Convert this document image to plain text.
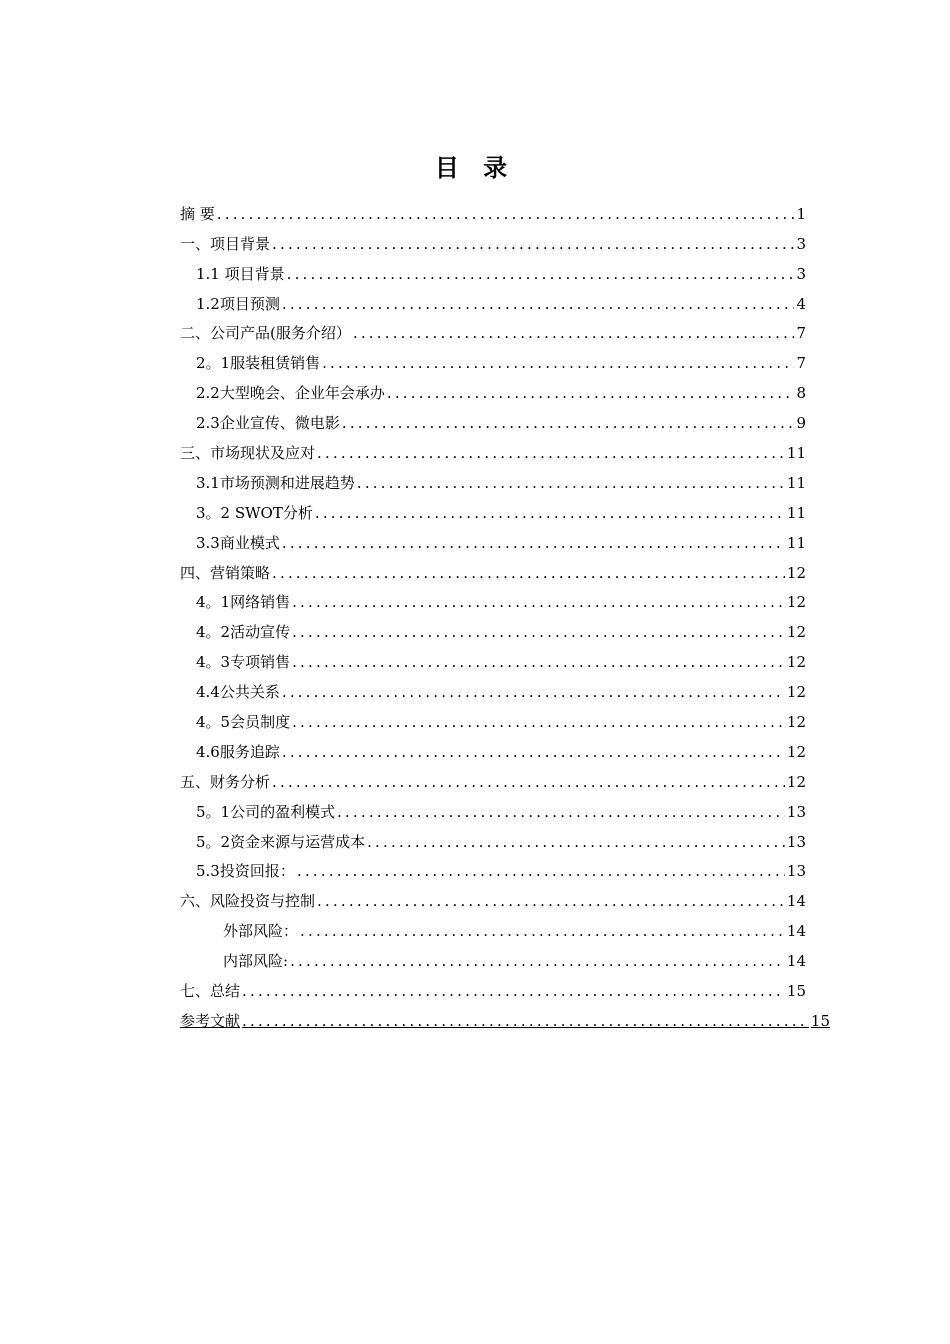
目 录
摘 要 .....	1
一、项目背景 .....	3
1.1 项目背景 .....	3
1.2项目预测 .....	4
二、公司产品(服务介绍） .....	7
2。1服装租赁销售 .....	7
2.2大型晚会、企业年会承办 .....	8
2.3企业宣传、微电影 .....	9
三、市场现状及应对 .....	11
3.1市场预测和进展趋势 .....	11
3。2 SWOT分析 .....	11
3.3商业模式 .....	11
四、营销策略 .....	12
4。1网络销售 .....	12
4。2活动宣传 .....	12
4。3专项销售 .....	12
4.4公共关系 .....	12
4。5会员制度 .....	12
4.6服务追踪 .....	12
五、财务分析 .....	12
5。1公司的盈利模式 .....	13
5。2资金来源与运营成本 .....	13
5.3投资回报： .....	13
六、风险投资与控制 .....	14
外部风险： .....	14
内部风险: .....	14
七、总结 .....	15
参考文献 .....	15
